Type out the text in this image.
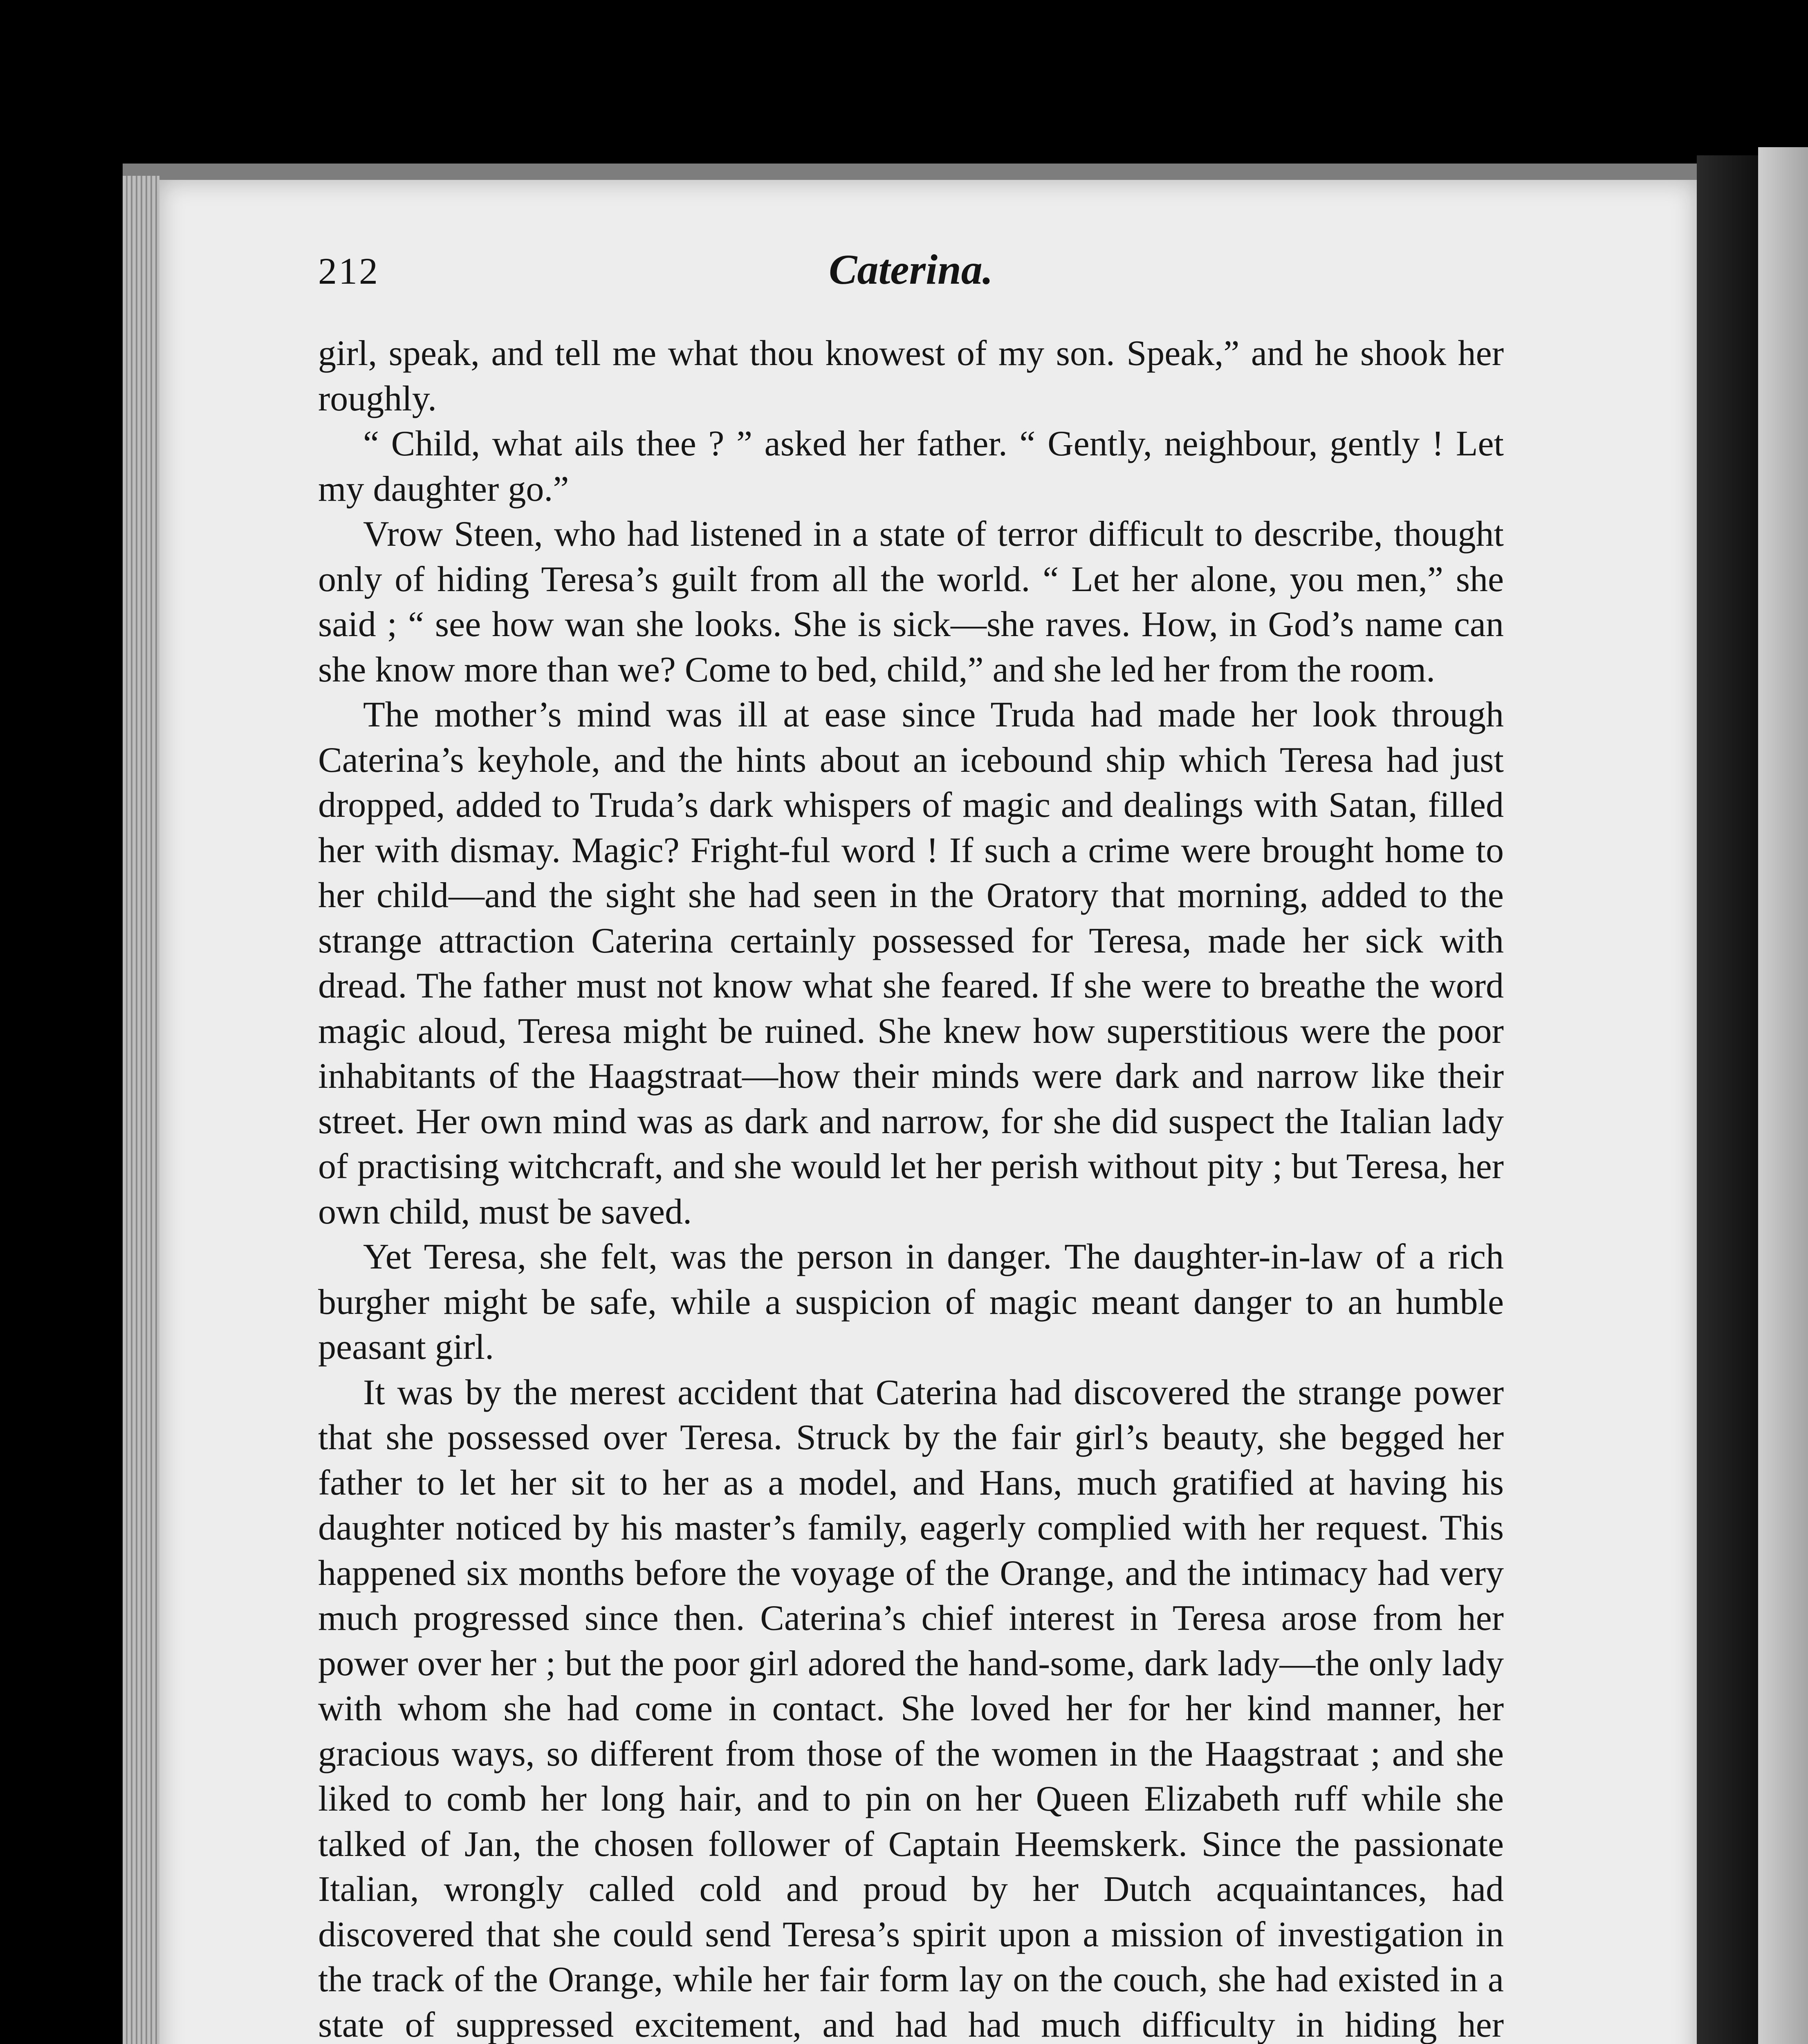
212	Caterina.

girl, speak, and tell me what thou knowest of my son. Speak,” and he shook her roughly.

“ Child, what ails thee ? ” asked her father. “ Gently, neighbour, gently ! Let my daughter go.”

Vrow Steen, who had listened in a state of terror difficult to describe, thought only of hiding Teresa’s guilt from all the world. “ Let her alone, you men,” she said ; “ see how wan she looks. She is sick—she raves. How, in God’s name can she know more than we? Come to bed, child,” and she led her from the room.

The mother’s mind was ill at ease since Truda had made her look through Caterina’s keyhole, and the hints about an icebound ship which Teresa had just dropped, added to Truda’s dark whispers of magic and dealings with Satan, filled her with dismay. Magic? Fright-ful word ! If such a crime were brought home to her child—and the sight she had seen in the Oratory that morning, added to the strange attraction Caterina certainly possessed for Teresa, made her sick with dread. The father must not know what she feared. If she were to breathe the word magic aloud, Teresa might be ruined. She knew how superstitious were the poor inhabitants of the Haagstraat—how their minds were dark and narrow like their street. Her own mind was as dark and narrow, for she did suspect the Italian lady of practising witchcraft, and she would let her perish without pity ; but Teresa, her own child, must be saved.

Yet Teresa, she felt, was the person in danger. The daughter-in-law of a rich burgher might be safe, while a suspicion of magic meant danger to an humble peasant girl.

It was by the merest accident that Caterina had discovered the strange power that she possessed over Teresa. Struck by the fair girl’s beauty, she begged her father to let her sit to her as a model, and Hans, much gratified at having his daughter noticed by his master’s family, eagerly complied with her request. This happened six months before the voyage of the Orange, and the intimacy had very much progressed since then. Caterina’s chief interest in Teresa arose from her power over her ; but the poor girl adored the hand-some, dark lady—the only lady with whom she had come in contact. She loved her for her kind manner, her gracious ways, so different from those of the women in the Haagstraat ; and she liked to comb her long hair, and to pin on her Queen Elizabeth ruff while she talked of Jan, the chosen follower of Captain Heemskerk. Since the passionate Italian, wrongly called cold and proud by her Dutch acquaintances, had discovered that she could send Teresa’s spirit upon a mission of investigation in the track of the Orange, while her fair form lay on the couch, she had existed in a state of suppressed excitement, and had had much difficulty in hiding her
